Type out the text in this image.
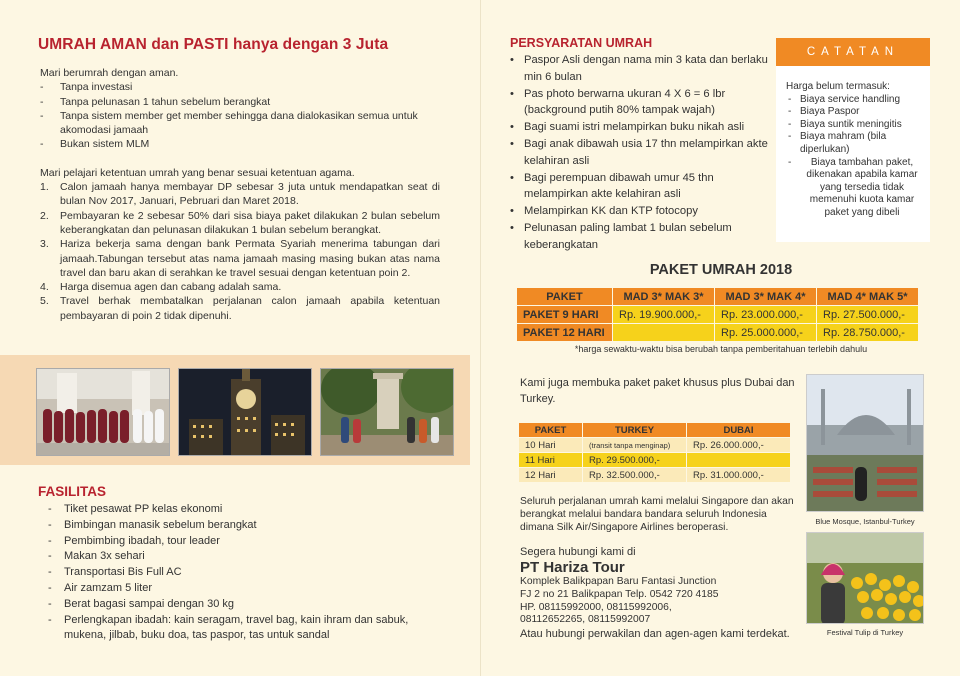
UMRAH AMAN dan PASTI hanya dengan 3 Juta
Mari berumrah dengan aman.
- Tanpa investasi
- Tanpa pelunasan 1 tahun sebelum berangkat
- Tanpa sistem member get member sehingga dana dialokasikan semua untuk akomodasi jamaah
- Bukan sistem MLM
Mari pelajari ketentuan umrah yang benar sesuai ketentuan agama.
1. Calon jamaah hanya membayar DP sebesar 3 juta untuk mendapatkan seat di bulan Nov 2017, Januari, Pebruari dan Maret 2018.
2. Pembayaran ke 2 sebesar 50% dari sisa biaya paket dilakukan 2 bulan sebelum keberangkatan dan pelunasan dilakukan 1 bulan sebelum berangkat.
3. Hariza bekerja sama dengan bank Permata Syariah menerima tabungan dari jamaah.Tabungan tersebut atas nama jamaah masing masing bukan atas nama travel dan baru akan di serahkan ke travel sesuai dengan ketentuan poin 2.
4. Harga disemua agen dan cabang adalah sama.
5. Travel berhak membatalkan perjalanan calon jamaah apabila ketentuan pembayaran di poin 2 tidak dipenuhi.
FASILITAS
- Tiket pesawat PP kelas ekonomi
- Bimbingan manasik sebelum berangkat
- Pembimbing ibadah, tour leader
- Makan 3x sehari
- Transportasi Bis Full AC
- Air zamzam 5 liter
- Berat bagasi sampai dengan 30 kg
- Perlengkapan ibadah: kain seragam, travel bag, kain ihram dan sabuk, mukena, jilbab, buku doa, tas paspor, tas untuk sandal
PERSYARATAN UMRAH
• Paspor Asli dengan nama min 3 kata dan berlaku min 6 bulan
• Pas photo berwarna ukuran 4 X 6 = 6 lbr (background putih 80% tampak wajah)
• Bagi suami istri melampirkan buku nikah asli
• Bagi anak dibawah usia 17 thn melampirkan akte kelahiran asli
• Bagi perempuan dibawah umur 45 thn melampirkan akte kelahiran asli
• Melampirkan KK dan KTP fotocopy
• Pelunasan paling lambat 1 bulan sebelum keberangkatan
CATATAN
Harga belum termasuk:
- Biaya service handling
- Biaya Paspor
- Biaya suntik meningitis
- Biaya mahram (bila diperlukan)
- Biaya tambahan paket, dikenakan apabila kamar yang tersedia tidak memenuhi kuota kamar paket yang dibeli
PAKET UMRAH 2018
PAKET	MAD 3* MAK 3*	MAD 3* MAK 4*	MAD 4* MAK 5*
PAKET 9 HARI	Rp. 19.900.000,-	Rp. 23.000.000,-	Rp. 27.500.000,-
PAKET 12 HARI		Rp. 25.000.000,-	Rp. 28.750.000,-
*harga sewaktu-waktu bisa berubah tanpa pemberitahuan terlebih dahulu
Kami juga membuka paket paket khusus plus Dubai dan Turkey.
PAKET	TURKEY	DUBAI
10 Hari	(transit tanpa menginap)	Rp. 26.000.000,-
11 Hari	Rp. 29.500.000,-	
12 Hari	Rp. 32.500.000,-	Rp. 31.000.000,-
Seluruh perjalanan umrah kami melalui Singapore dan akan berangkat melalui bandara bandara seluruh Indonesia dimana Silk Air/Singapore Airlines beroperasi.
Segera hubungi kami di
PT Hariza Tour
Komplek Balikpapan Baru Fantasi Junction
FJ 2 no 21 Balikpapan Telp. 0542 720 4185
HP. 08115992000, 08115992006,
08112652265, 08115992007
Atau hubungi perwakilan dan agen-agen kami terdekat.
Blue Mosque, Istanbul-Turkey
Festival Tulip di Turkey
